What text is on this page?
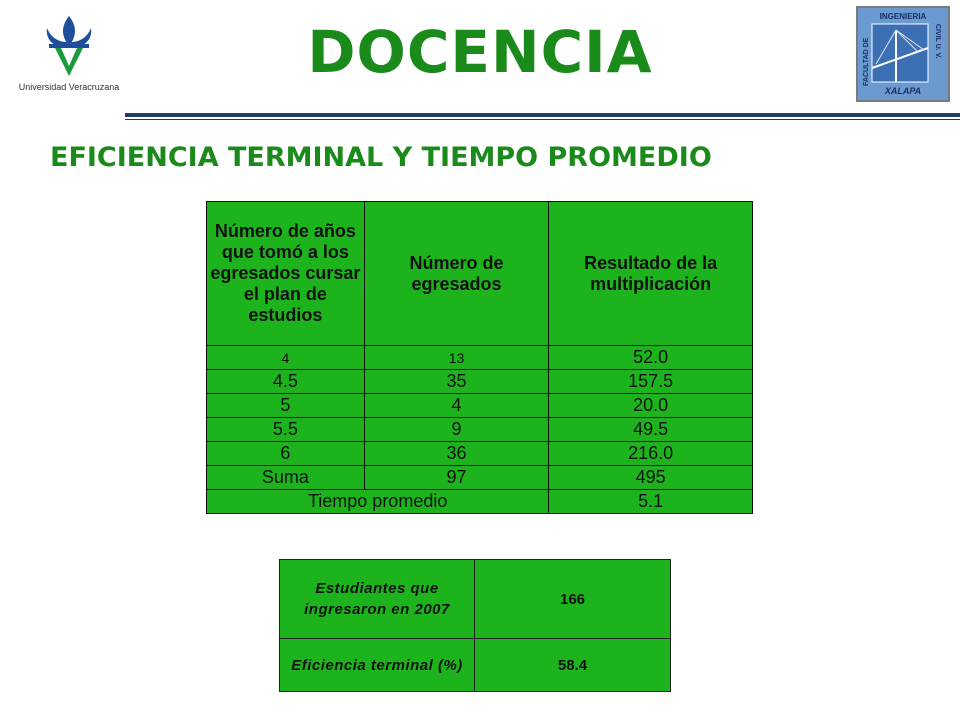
Universidad Veracruzana
DOCENCIA
INGENIERIA
XALAPA
FACULTAD DE	CIVIL U. V.
EFICIENCIA TERMINAL Y TIEMPO PROMEDIO
Número de años que tomó a los egresados cursar el plan de estudios	Número de egresados	Resultado de la multiplicación
4	13	52.0
4.5	35	157.5
5	4	20.0
5.5	9	49.5
6	36	216.0
Suma	97	495
Tiempo promedio		5.1
Estudiantes que ingresaron en 2007	166
Eficiencia terminal (%)	58.4
